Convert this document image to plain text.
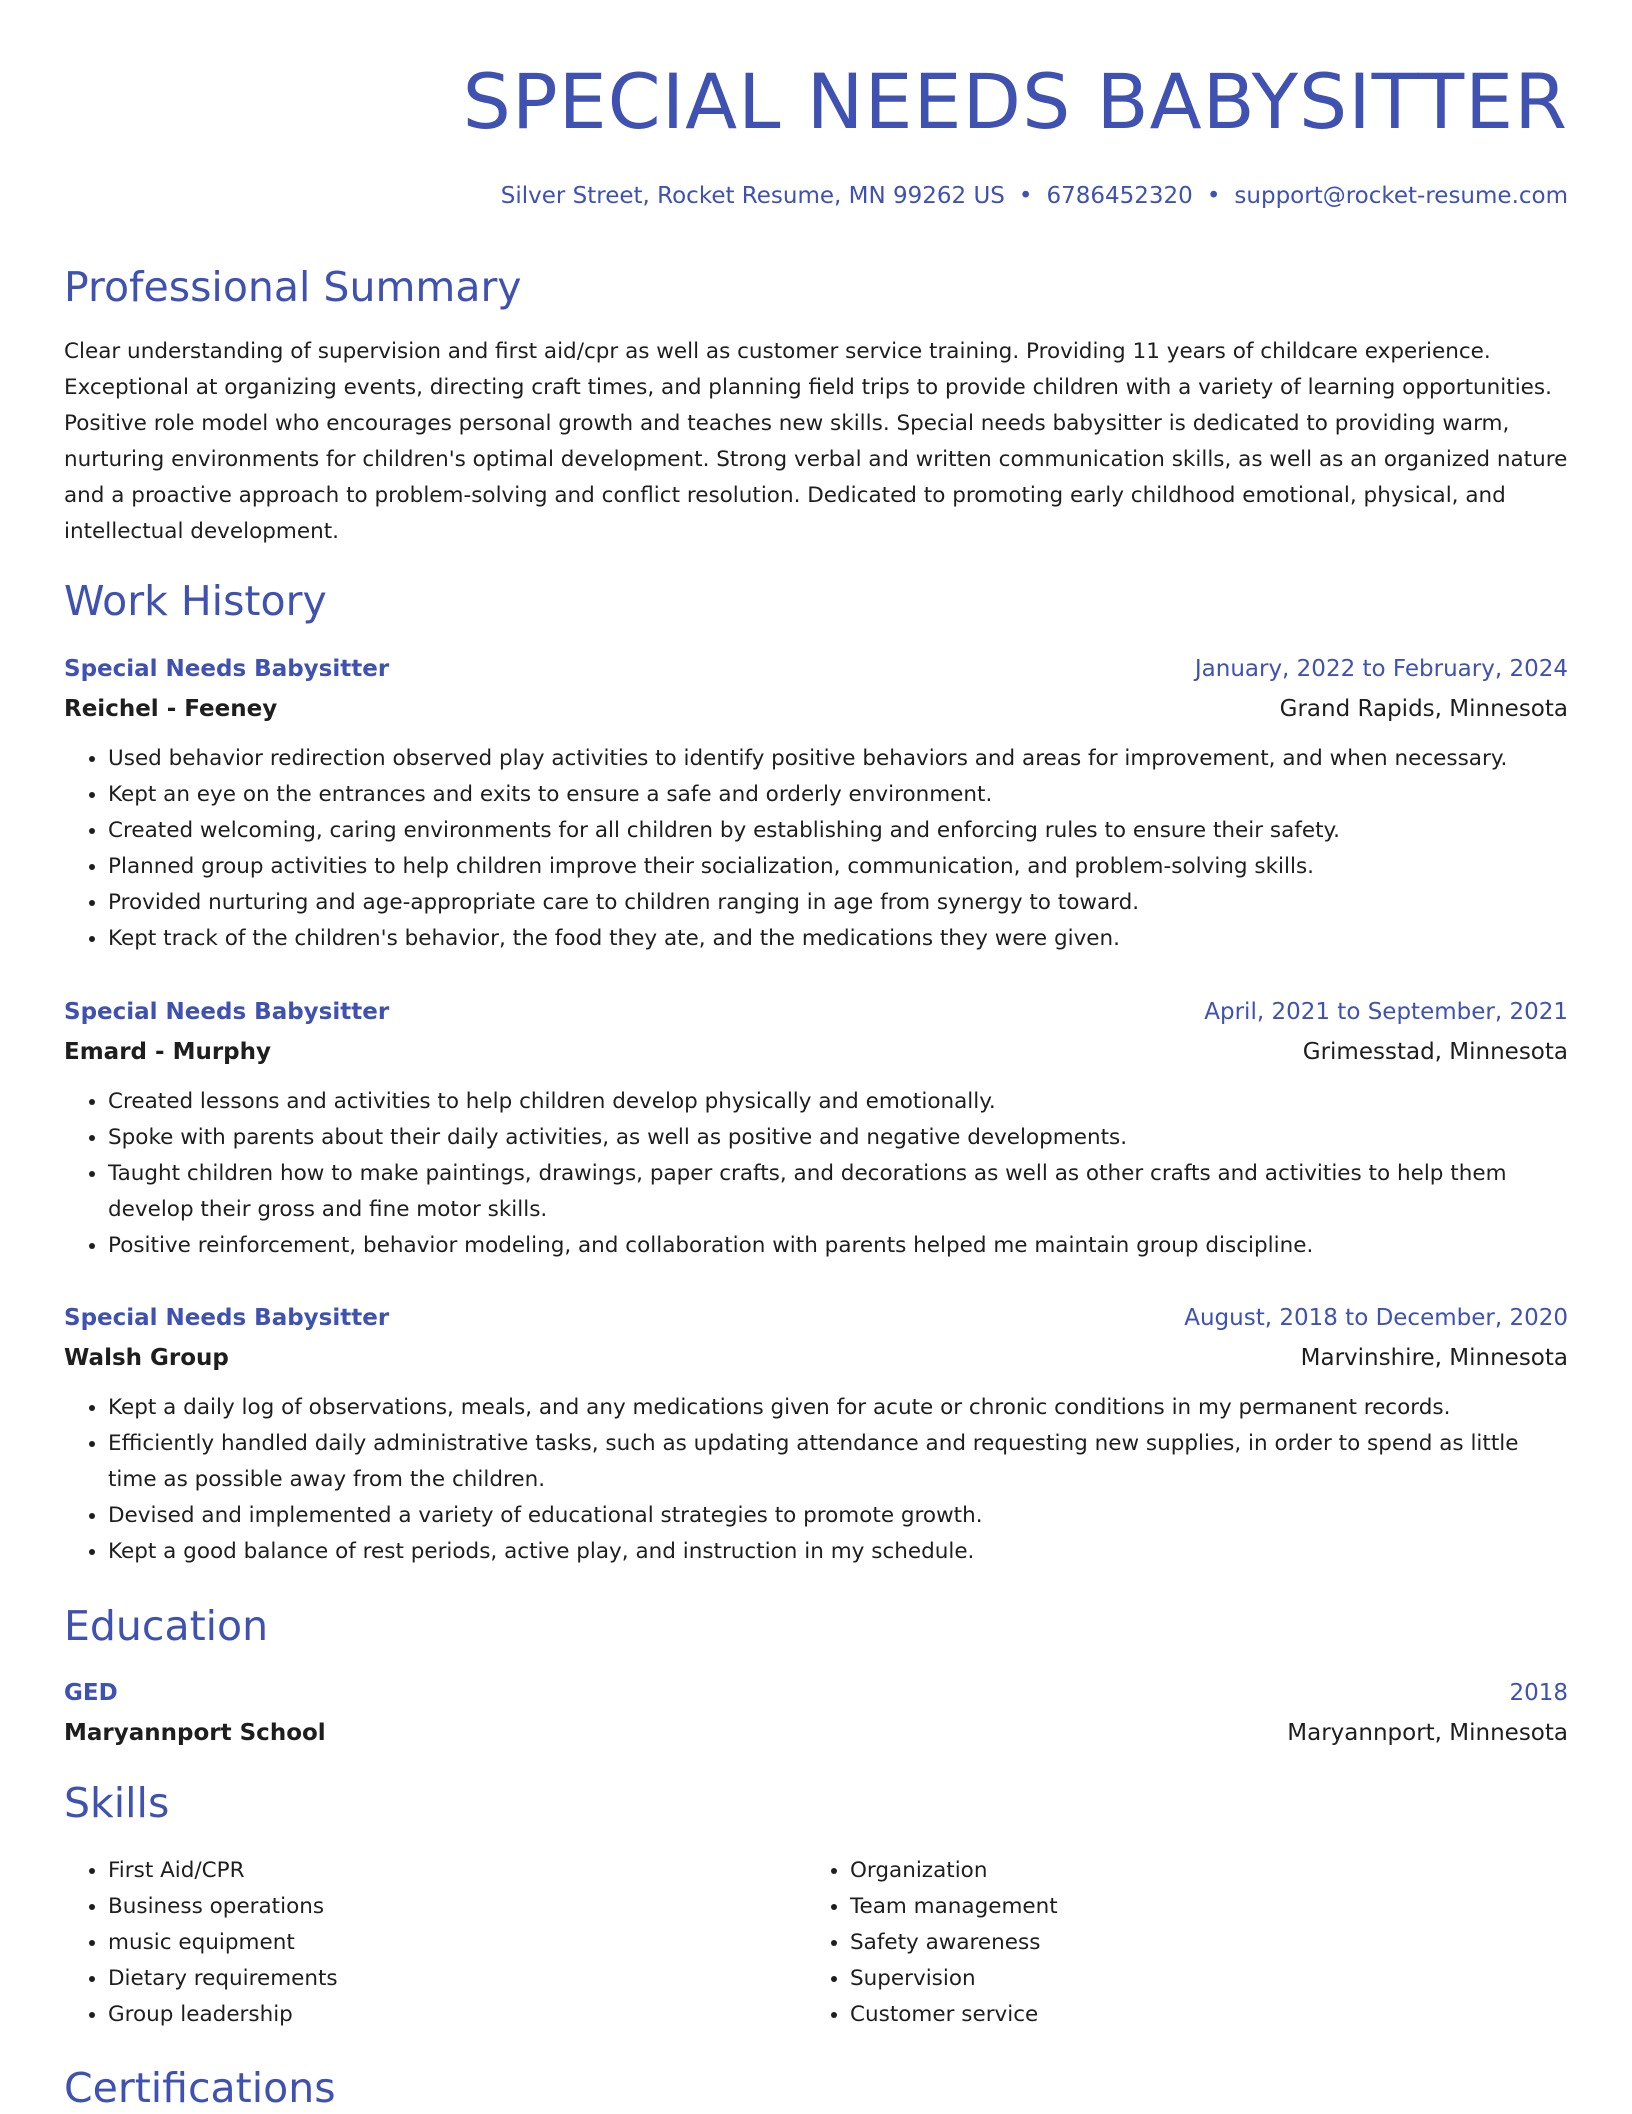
SPECIAL NEEDS BABYSITTER
Silver Street, Rocket Resume, MN 99262 US • 6786452320 • support@rocket-resume.com
Professional Summary
Clear understanding of supervision and first aid/cpr as well as customer service training. Providing 11 years of childcare experience. Exceptional at organizing events, directing craft times, and planning field trips to provide children with a variety of learning opportunities. Positive role model who encourages personal growth and teaches new skills. Special needs babysitter is dedicated to providing warm, nurturing environments for children's optimal development. Strong verbal and written communication skills, as well as an organized nature and a proactive approach to problem-solving and conflict resolution. Dedicated to promoting early childhood emotional, physical, and intellectual development.
Work History
Special Needs Babysitter	January, 2022 to February, 2024
Reichel - Feeney	Grand Rapids, Minnesota
• Used behavior redirection observed play activities to identify positive behaviors and areas for improvement, and when necessary.
• Kept an eye on the entrances and exits to ensure a safe and orderly environment.
• Created welcoming, caring environments for all children by establishing and enforcing rules to ensure their safety.
• Planned group activities to help children improve their socialization, communication, and problem-solving skills.
• Provided nurturing and age-appropriate care to children ranging in age from synergy to toward.
• Kept track of the children's behavior, the food they ate, and the medications they were given.
Special Needs Babysitter	April, 2021 to September, 2021
Emard - Murphy	Grimesstad, Minnesota
• Created lessons and activities to help children develop physically and emotionally.
• Spoke with parents about their daily activities, as well as positive and negative developments.
• Taught children how to make paintings, drawings, paper crafts, and decorations as well as other crafts and activities to help them develop their gross and fine motor skills.
• Positive reinforcement, behavior modeling, and collaboration with parents helped me maintain group discipline.
Special Needs Babysitter	August, 2018 to December, 2020
Walsh Group	Marvinshire, Minnesota
• Kept a daily log of observations, meals, and any medications given for acute or chronic conditions in my permanent records.
• Efficiently handled daily administrative tasks, such as updating attendance and requesting new supplies, in order to spend as little time as possible away from the children.
• Devised and implemented a variety of educational strategies to promote growth.
• Kept a good balance of rest periods, active play, and instruction in my schedule.
Education
GED	2018
Maryannport School	Maryannport, Minnesota
Skills
• First Aid/CPR
• Business operations
• music equipment
• Dietary requirements
• Group leadership
• Organization
• Team management
• Safety awareness
• Supervision
• Customer service
Certifications
